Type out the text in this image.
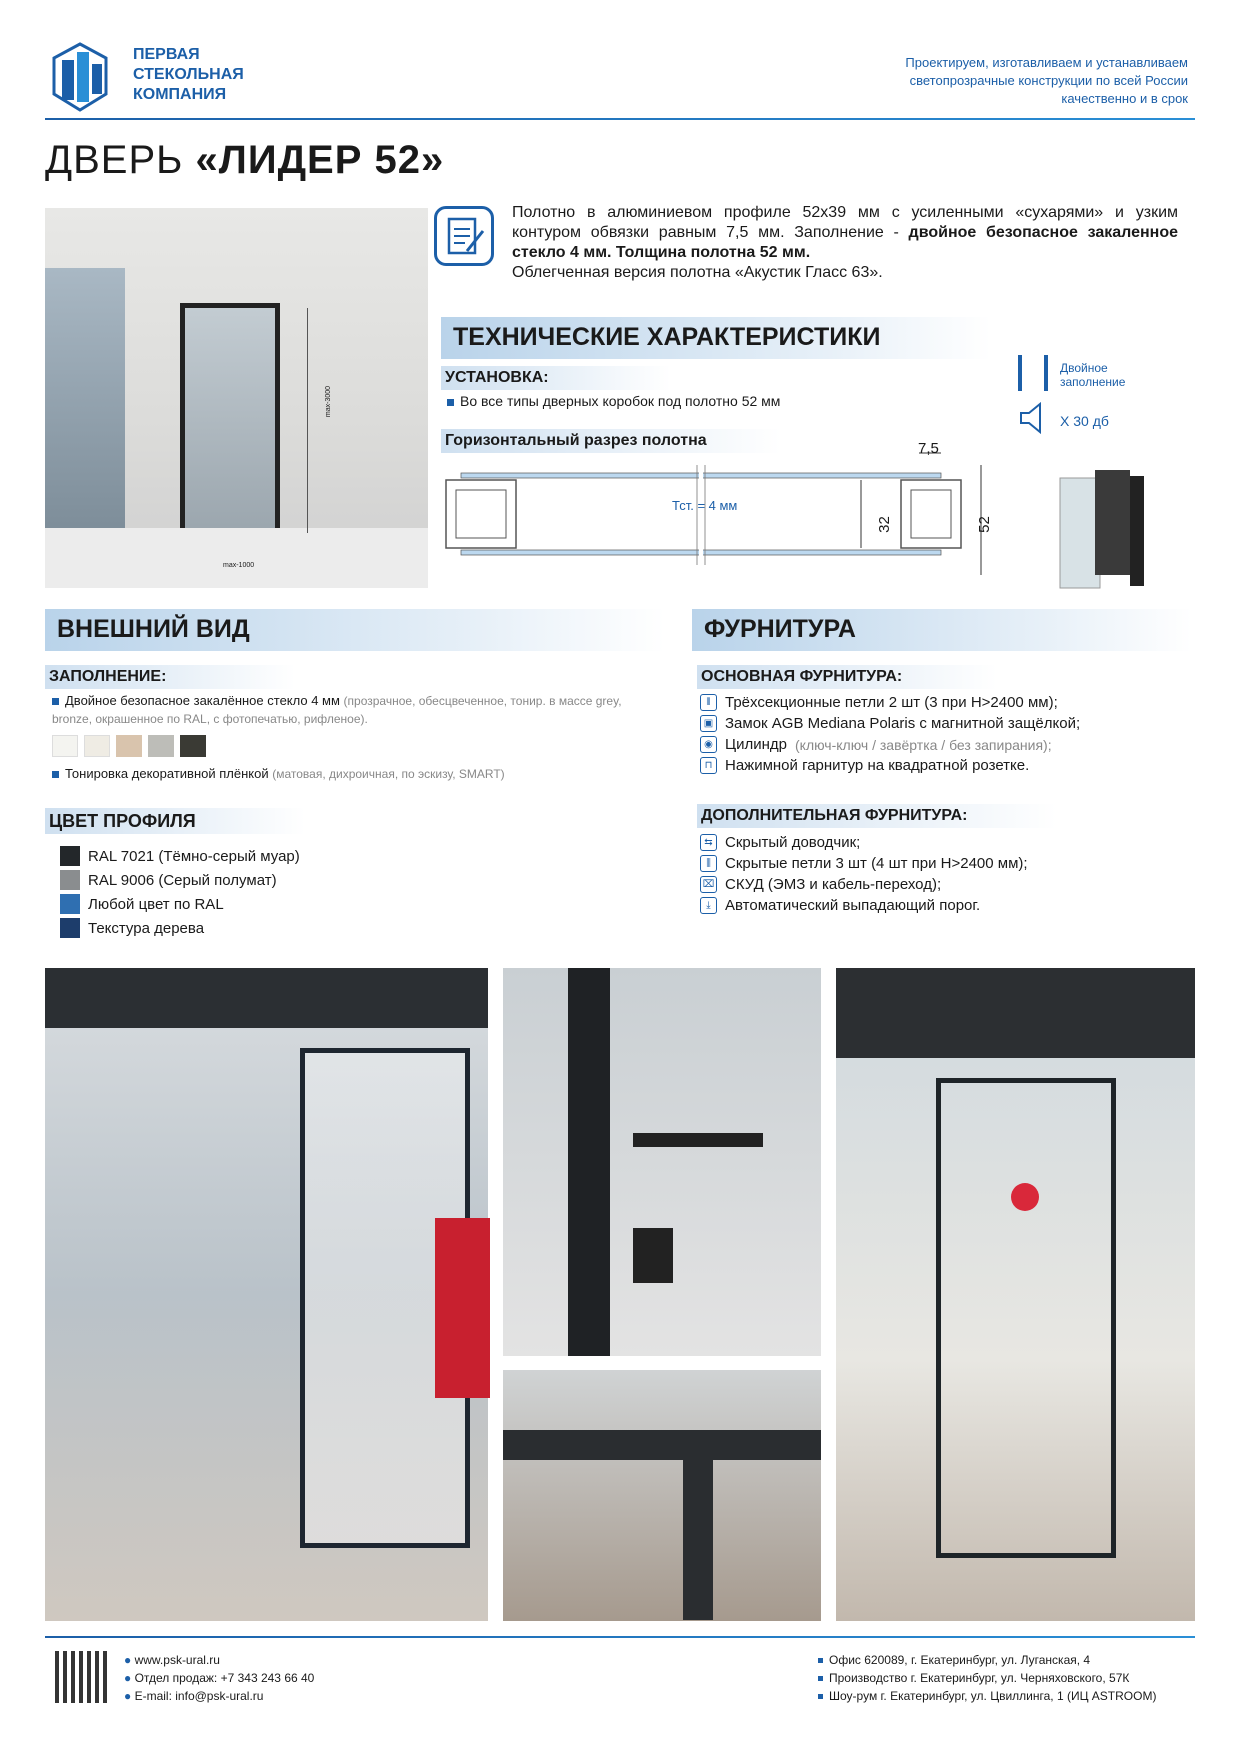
ПЕРВАЯ
СТЕКОЛЬНАЯ
КОМПАНИЯ
Проектируем, изготавливаем и устанавливаем
светопрозрачные конструкции по всей России
качественно и в срок
ДВЕРЬ «ЛИДЕР 52»
max-3000
max-1000
Полотно в алюминиевом профиле 52х39 мм с усиленными «сухарями» и узким контуром обвязки равным 7,5 мм. Заполнение - двойное безопасное закаленное стекло 4 мм. Толщина полотна 52 мм.
Облегченная версия полотна «Акустик Гласс 63».
ТЕХНИЧЕСКИЕ ХАРАКТЕРИСТИКИ
УСТАНОВКА:
Во все типы дверных коробок под полотно 52 мм
Горизонтальный разрез полотна	7,5
Тст. = 4 мм
32	52
Двойное
заполнение
Х 30 дб
ВНЕШНИЙ ВИД
ЗАПОЛНЕНИЕ:
Двойное безопасное закалённое стекло 4 мм (прозрачное, обесцвеченное, тонир. в массе grey, bronze, окрашенное по RAL, с фотопечатью, рифленое).
Тонировка декоративной плёнкой (матовая, дихроичная, по эскизу, SMART)
ЦВЕТ ПРОФИЛЯ
RAL 7021 (Тёмно-серый муар)
RAL 9006 (Серый полумат)
Любой цвет по RAL
Текстура дерева
ФУРНИТУРА
ОСНОВНАЯ ФУРНИТУРА:
⫴ Трёхсекционные петли 2 шт (3 при Н>2400 мм);
▣ Замок AGB Mediana Polaris с магнитной защёлкой;
◉ Цилиндр (ключ-ключ / завёртка / без запирания);
⊓ Нажимной гарнитур на квадратной розетке.
ДОПОЛНИТЕЛЬНАЯ ФУРНИТУРА:
⇆ Скрытый доводчик;
⫼ Скрытые петли 3 шт (4 шт при Н>2400 мм);
⌧ СКУД (ЭМЗ и кабель-переход);
⤓ Автоматический выпадающий порог.
● www.psk-ural.ru
● Отдел продаж: +7 343 243 66 40
● E-mail: info@psk-ural.ru
Офис 620089, г. Екатеринбург, ул. Луганская, 4
Производство г. Екатеринбург, ул. Черняховского, 57К
Шоу-рум г. Екатеринбург, ул. Цвиллинга, 1 (ИЦ ASTROOM)
